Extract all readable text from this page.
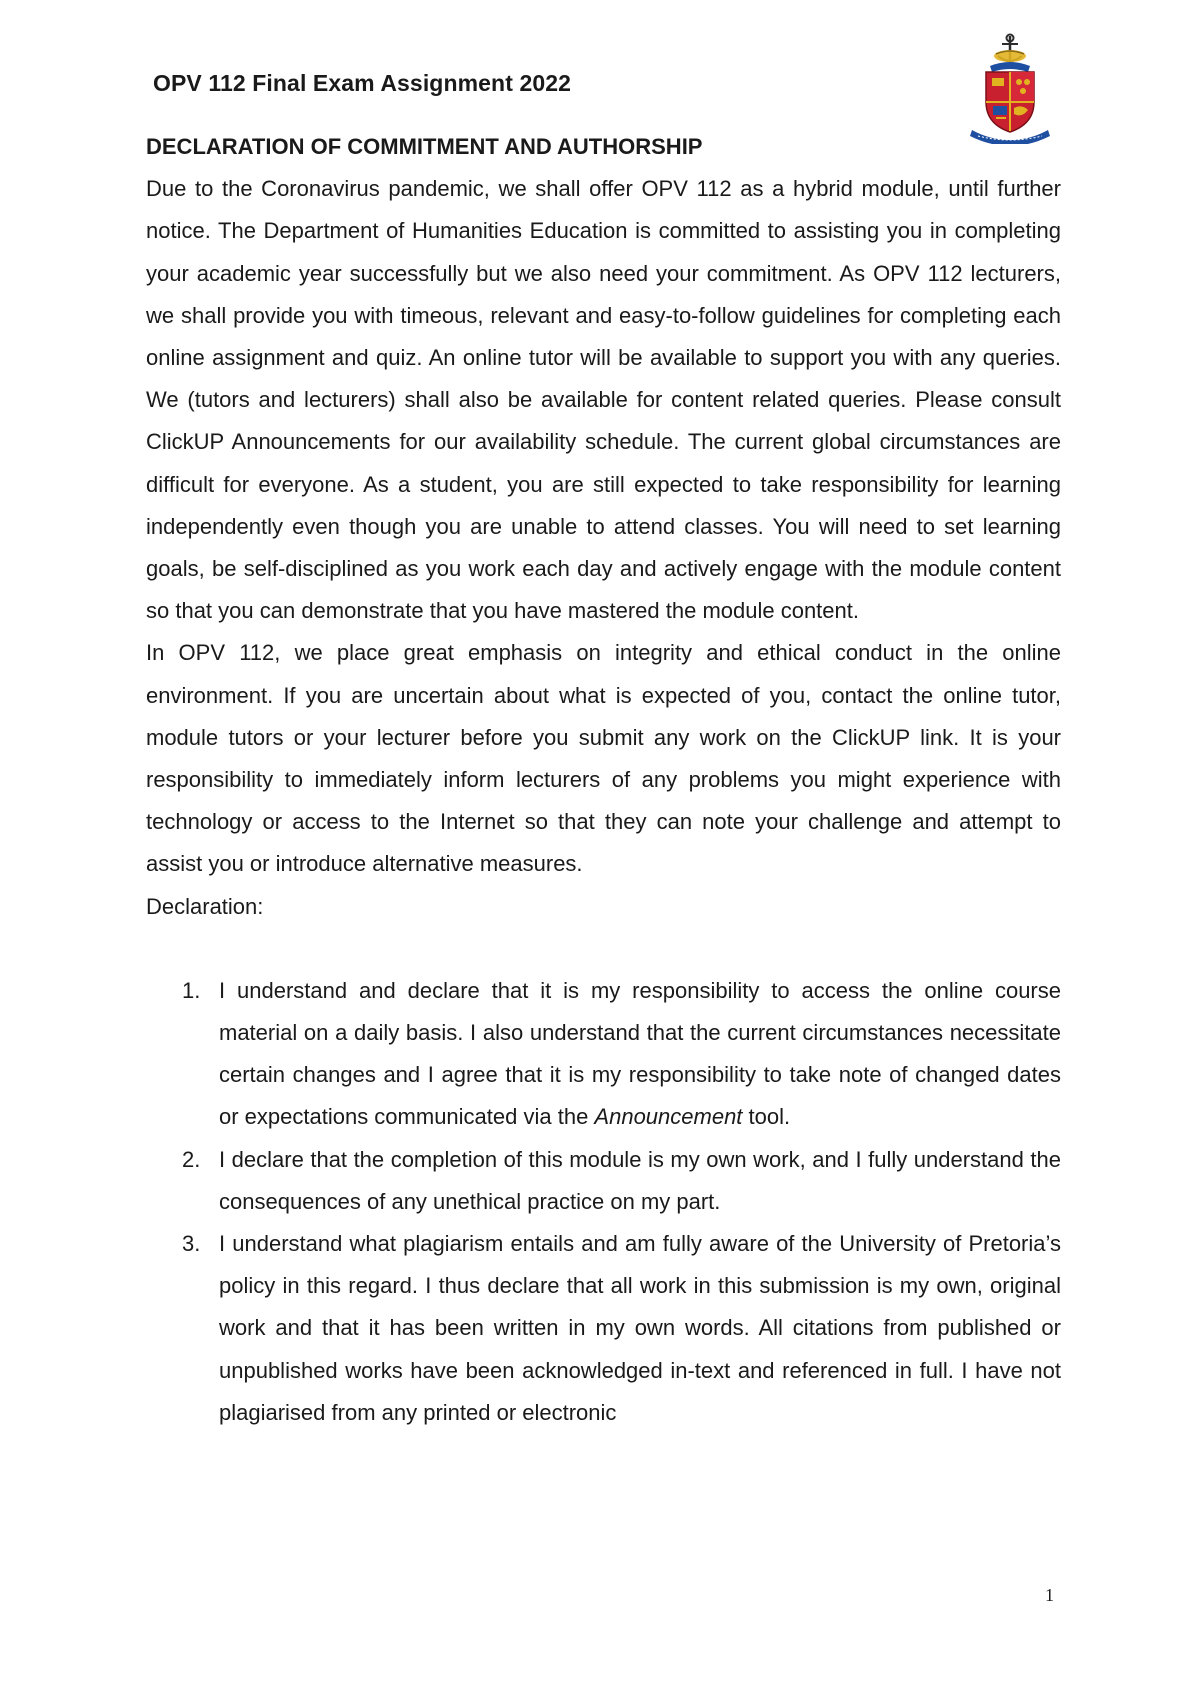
OPV 112 Final Exam Assignment 2022

DECLARATION OF COMMITMENT AND AUTHORSHIP

Due to the Coronavirus pandemic, we shall offer OPV 112 as a hybrid module, until further notice. The Department of Humanities Education is committed to assisting you in completing your academic year successfully but we also need your commitment. As OPV 112 lecturers, we shall provide you with timeous, relevant and easy-to-follow guidelines for completing each online assignment and quiz. An online tutor will be available to support you with any queries. We (tutors and lecturers) shall also be available for content related queries. Please consult ClickUP Announcements for our availability schedule. The current global circumstances are difficult for everyone. As a student, you are still expected to take responsibility for learning independently even though you are unable to attend classes. You will need to set learning goals, be self-disciplined as you work each day and actively engage with the module content so that you can demonstrate that you have mastered the module content.

In OPV 112, we place great emphasis on integrity and ethical conduct in the online environment. If you are uncertain about what is expected of you, contact the online tutor, module tutors or your lecturer before you submit any work on the ClickUP link. It is your responsibility to immediately inform lecturers of any problems you might experience with technology or access to the Internet so that they can note your challenge and attempt to assist you or introduce alternative measures.

Declaration:

1. I understand and declare that it is my responsibility to access the online course material on a daily basis. I also understand that the current circumstances necessitate certain changes and I agree that it is my responsibility to take note of changed dates or expectations communicated via the Announcement tool.
2. I declare that the completion of this module is my own work, and I fully understand the consequences of any unethical practice on my part.
3. I understand what plagiarism entails and am fully aware of the University of Pretoria’s policy in this regard. I thus declare that all work in this submission is my own, original work and that it has been written in my own words. All citations from published or unpublished works have been acknowledged in-text and referenced in full. I have not plagiarised from any printed or electronic
1
